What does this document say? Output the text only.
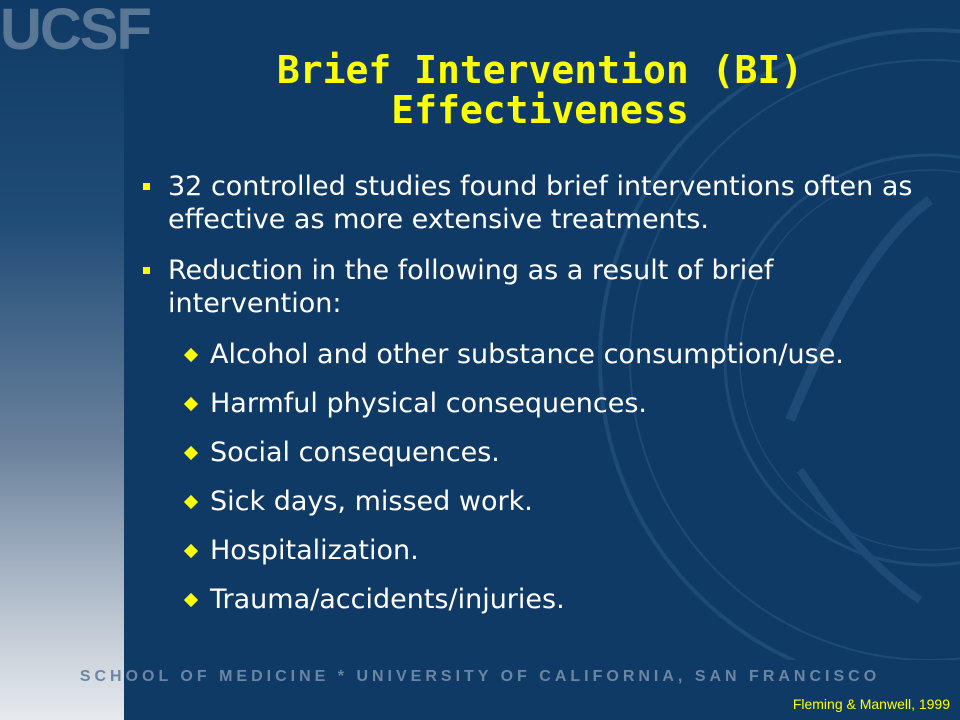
UCSF
Brief Intervention (BI)
Effectiveness
32 controlled studies found brief interventions often as effective as more extensive treatments.
Reduction in the following as a result of brief intervention:
Alcohol and other substance consumption/use.
Harmful physical consequences.
Social consequences.
Sick days, missed work.
Hospitalization.
Trauma/accidents/injuries.
SCHOOL OF MEDICINE * UNIVERSITY OF CALIFORNIA, SAN FRANCISCO
Fleming & Manwell, 1999
